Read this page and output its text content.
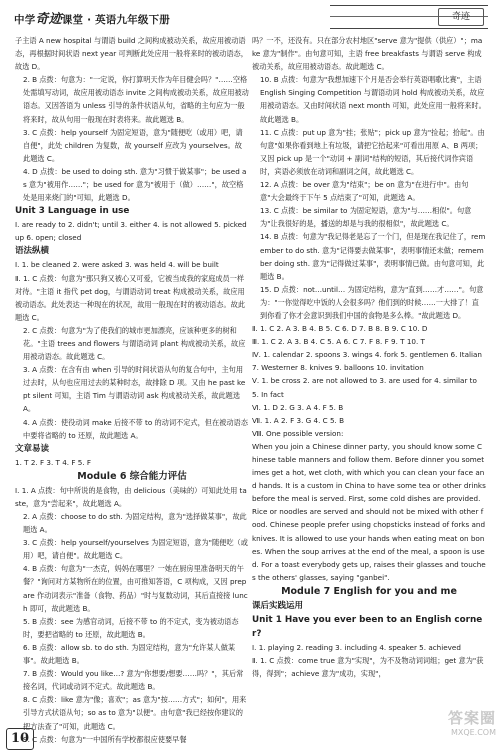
中学奇迹课堂 · 英语九年级下册	奇迹

子主语 A new hospital 与谓语 build 之间构成被动关系，故应用被动语态，再根据时间状语 next year 可判断此处应用一般将来时的被动语态，故选 D。

2. B 点拨：句意为："一定说，你打算明天作为年目健会吗？"……空格处需填写动词，故应用被动语态 invite 之间构成被动关系，故应用被动语态。又因答语为 unless 引导的条件状语从句，省略的主句应为一般将来时，故从句用一般现在时表将来。故此题选 B。

3. C 点拨：help yourself 为固定短语，意为"随便吃（或用）吧，请自便"，此处 children 为复数，故 yourself 应改为 yourselves。故此题选 C。

4. D 点拨：be used to doing sth. 意为"习惯于做某事"；be used as 意为"被用作……"；be used for 意为"被用于（做）……"，故空格处是用来烧门的"可知，此题选 D。

Unit 3 Language in use

Ⅰ. are ready to 2. didn't; until 3. either 4. is not allowed 5. picked up 6. open; closed

语法纵横

Ⅰ. 1. be cleaned 2. were asked 3. was held 4. will be built

Ⅱ. 1. C 点拨：句意为"那只狗又被心又可爱，它被当成我的家庭成员一样对待。"主语 it 指代 pet dog，与谓语动词 treat 构成被动关系，故应用被动语态。此处表达一种现在的状况，故用一般现在时的被动语态。故此题选 C。

2. C 点拨：句意为"为了使我们的城市更加漂亮，应该种更多的树和花。"主语 trees and flowers 与谓语动词 plant 构成被动关系，故应用被动语态。故此题选 C。

3. A 点拨：在含有由 when 引导的时间状语从句的复合句中，主句用过去时，从句也应用过去的某种时态，故排除 D 项。又由 he past kept silent 可知，主语 Tim 与谓语动词 ask 构成被动关系，故此题选 A。

4. A 点拨：使役动词 make 后接不带 to 的动词不定式，但在被动语态中要将省略的 to 还原，故此题选 A。

文章易读

1. T 2. F 3. T 4. F 5. F

Module 6 综合能力评估

Ⅰ. 1. A 点拨：句中所说的是食物，由 delicious（美味的）可知此处用 taste，意为"尝起来"，故此题选 A。

2. A 点拨：choose to do sth. 为固定结构，意为"选择做某事"，故此题选 A。

3. C 点拨：help yourself/yourselves 为固定短语，意为"随便吃（或用）吧，请自便"。故此题选 C。

4. B 点拨：句意为"一杰克，妈妈在哪里？一她在厨房里准备明天的午餐？"询问对方某物所在的位置，由可推知答语，C 项构成，又因 prepare 作动词表示"准备（食物、药品）"时与复数动词，其后直接接 lunch 即可，故此题选 B。

5. B 点拨：see 为感官动词，后接不带 to 的不定式，变为被动语态时，要把省略的 to 还原，故此题选 B。

6. B 点拨：allow sb. to do sth. 为固定结构，意为"允许某人做某事"。故此题选 B。

7. B 点拨：Would you like…? 意为"你想要/想要……吗？"，其后常接名词，代词或动词不定式。故此题选 B。

8. C 点拨：like 意为"像；喜欢"；as 意为"按……方式"；如何"，用来引导方式状语从句；so as to 意为"以便"。由句意"我已经按你建议的把方法查了"可知，此题选 C。

9. C 点拨：句意为"一中国所有学校都很应使要早餐

吗？一不，还没有。只在部分农村地区"serve 意为"提供（供应）"；make 意为"制作"。由句意可知，主语 free breakfasts 与谓语 serve 构成被动关系，故应用被动语态。故此题选 C。

10. B 点拨：句意为"我想加速下个月是否会举行英语唱歌比赛"，主语 English Singing Competition 与谓语动词 hold 构成被动关系，故应用被动语态。又由时间状语 next month 可知，此处应用一般将来时。故此题选 B。

11. C 点拨：put up 意为"挂；张贴"；pick up 意为"捡起；拾起"。由句意"如果你看到地上有垃圾，请把它拾起来"可看出用原 A、B 两项；又因 pick up 是一个"动词 + 副词"结构的短语，其后接代词作宾语时，宾语必须放在动词和副词之间，故此题选 C。

12. A 点拨：be over 意为"结束"；be on 意为"在进行中"。由句意"大会最终于下午 5 点结束了"可知，此题选 A。

13. C 点拨：be similar to 为固定短语，意为"与……相似"。句意为"让我很好的是，播送的却是与我的很相似"，故此题选 C。

14. B 点拨：句意为"我记得老是忘了一个门，但是现在我记住了，remember to do sth. 意为"记得要去做某事"，表明事情还未做；remember doing sth. 意为"记得做过某事"，表明事情已做。由句意可知，此题选 B。

15. D 点拨：not…until… 为固定结构，意为"直到……才……"。句意为："一你觉得吃中饭的人会很多吗？他们到的时候……一大排了！直到你看了你才会意识到我们中国的食物是多么棒。"故此题选 D。

Ⅱ. 1. C 2. A 3. B 4. B 5. C 6. D 7. B 8. B 9. C 10. D

Ⅲ. 1. C 2. A 3. B 4. C 5. A 6. C 7. F 8. F 9. T 10. T

Ⅳ. 1. calendar 2. spoons 3. wings 4. fork 5. gentlemen 6. Italian 7. Westerner 8. knives 9. balloons 10. invitation

Ⅴ. 1. be cross 2. are not allowed to 3. are used for 4. similar to 5. In fact

Ⅵ. 1. D 2. G 3. A 4. F 5. B

Ⅶ. 1. A 2. F 3. G 4. C 5. B

Ⅷ. One possible version:

When you join a Chinese dinner party, you should know some Chinese table manners and follow them. Before dinner you sometimes get a hot, wet cloth, with which you can clean your face and hands. It is a custom in China to have some tea or other drinks before the meal is served. First, some cold dishes are provided. Rice or noodles are served and should not be mixed with other food. Chinese people prefer using chopsticks instead of forks and knives. It is allowed to use your hands when eating meat on bones. When the soup arrives at the end of the meal, a spoon is used. For a toast everybody gets up, raises their glasses and touches the others' glasses, saying "ganbei".

Module 7 English for you and me

课后实践运用

Unit 1 Have you ever been to an English corner?

Ⅰ. 1. playing 2. reading 3. including 4. speaker 5. achieved

Ⅱ. 1. C 点拨：come true 意为"实现"，为不及物动词词组；get 意为"获得，得到"；achieve 意为"成功，实现"，

10
答案圈
MXQE.COM
